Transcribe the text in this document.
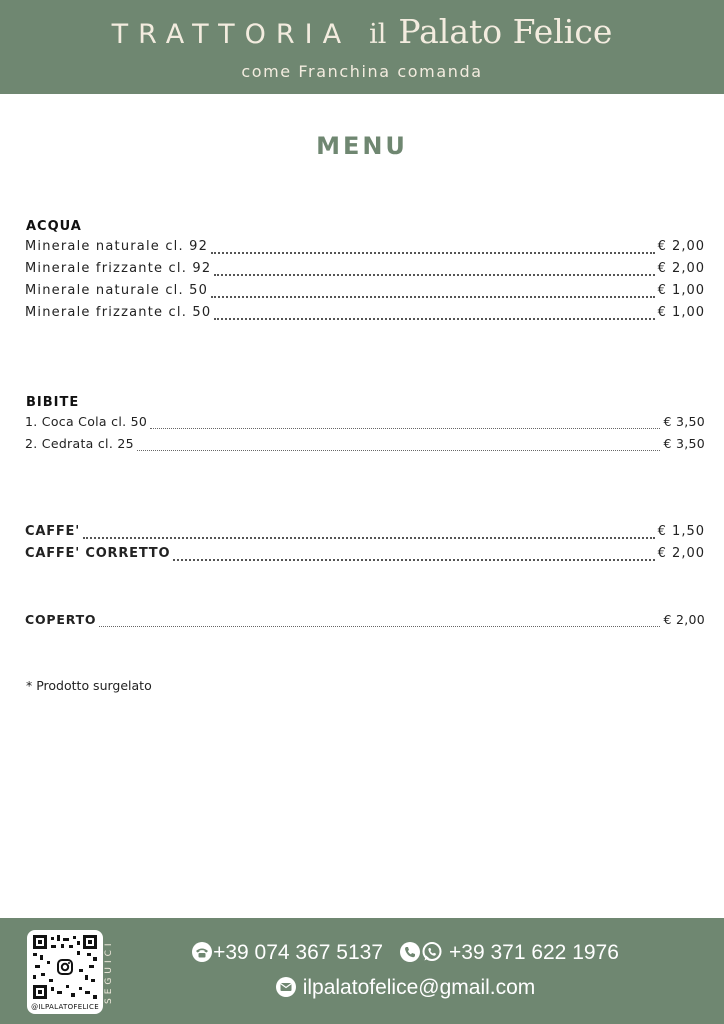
TRATTORIA il Palato Felice
come Franchina comanda
MENU
ACQUA
Minerale naturale cl. 92	€ 2,00
Minerale frizzante cl. 92	€ 2,00
Minerale naturale cl. 50	€ 1,00
Minerale frizzante cl. 50	€ 1,00
BIBITE
1. Coca Cola cl. 50	€ 3,50
2. Cedrata cl. 25	€ 3,50
CAFFE'	€ 1,50
CAFFE' CORRETTO	€ 2,00
COPERTO	€ 2,00
* Prodotto surgelato
@ILPALATOFELICE
SEGUICI	+39 074 367 5137	+39 371 622 1976
ilpalatofelice@gmail.com
